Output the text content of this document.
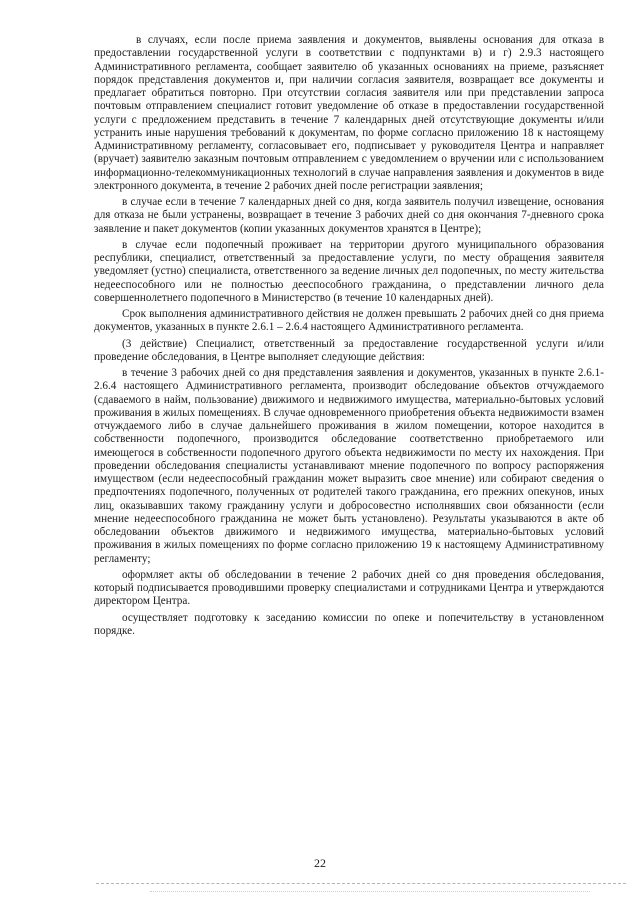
в случаях, если после приема заявления и документов, выявлены основания для отказа в предоставлении государственной услуги в соответствии с подпунктами в) и г) 2.9.3 настоящего Административного регламента, сообщает заявителю об указанных основаниях на приеме, разъясняет порядок представления документов и, при наличии согласия заявителя, возвращает все документы и предлагает обратиться повторно. При отсутствии согласия заявителя или при представлении запроса почтовым отправлением специалист готовит уведомление об отказе в предоставлении государственной услуги с предложением представить в течение 7 календарных дней отсутствующие документы и/или устранить иные нарушения требований к документам, по форме согласно приложению 18 к настоящему Административному регламенту, согласовывает его, подписывает у руководителя Центра и направляет (вручает) заявителю заказным почтовым отправлением с уведомлением о вручении или с использованием информационно-телекоммуникационных технологий в случае направления заявления и документов в виде электронного документа, в течение 2 рабочих дней после регистрации заявления;

в случае если в течение 7 календарных дней со дня, когда заявитель получил извещение, основания для отказа не были устранены, возвращает в течение 3 рабочих дней со дня окончания 7-дневного срока заявление и пакет документов (копии указанных документов хранятся в Центре);

в случае если подопечный проживает на территории другого муниципального образования республики, специалист, ответственный за предоставление услуги, по месту обращения заявителя уведомляет (устно) специалиста, ответственного за ведение личных дел подопечных, по месту жительства недееспособного или не полностью дееспособного гражданина, о представлении личного дела совершеннолетнего подопечного в Министерство (в течение 10 календарных дней).

Срок выполнения административного действия не должен превышать 2 рабочих дней со дня приема документов, указанных в пункте 2.6.1 – 2.6.4 настоящего Административного регламента.

(3 действие) Специалист, ответственный за предоставление государственной услуги и/или проведение обследования, в Центре выполняет следующие действия:

в течение 3 рабочих дней со дня представления заявления и документов, указанных в пункте 2.6.1-2.6.4 настоящего Административного регламента, производит обследование объектов отчуждаемого (сдаваемого в найм, пользование) движимого и недвижимого имущества, материально-бытовых условий проживания в жилых помещениях. В случае одновременного приобретения объекта недвижимости взамен отчуждаемого либо в случае дальнейшего проживания в жилом помещении, которое находится в собственности подопечного, производится обследование соответственно приобретаемого или имеющегося в собственности подопечного другого объекта недвижимости по месту их нахождения. При проведении обследования специалисты устанавливают мнение подопечного по вопросу распоряжения имуществом (если недееспособный гражданин может выразить свое мнение) или собирают сведения о предпочтениях подопечного, полученных от родителей такого гражданина, его прежних опекунов, иных лиц, оказывавших такому гражданину услуги и добросовестно исполнявших свои обязанности (если мнение недееспособного гражданина не может быть установлено). Результаты указываются в акте об обследовании объектов движимого и недвижимого имущества, материально-бытовых условий проживания в жилых помещениях по форме согласно приложению 19 к настоящему Административному регламенту;

оформляет акты об обследовании в течение 2 рабочих дней со дня проведения обследования, который подписывается проводившими проверку специалистами и сотрудниками Центра и утверждаются директором Центра.

осуществляет подготовку к заседанию комиссии по опеке и попечительству в установленном порядке.

22
